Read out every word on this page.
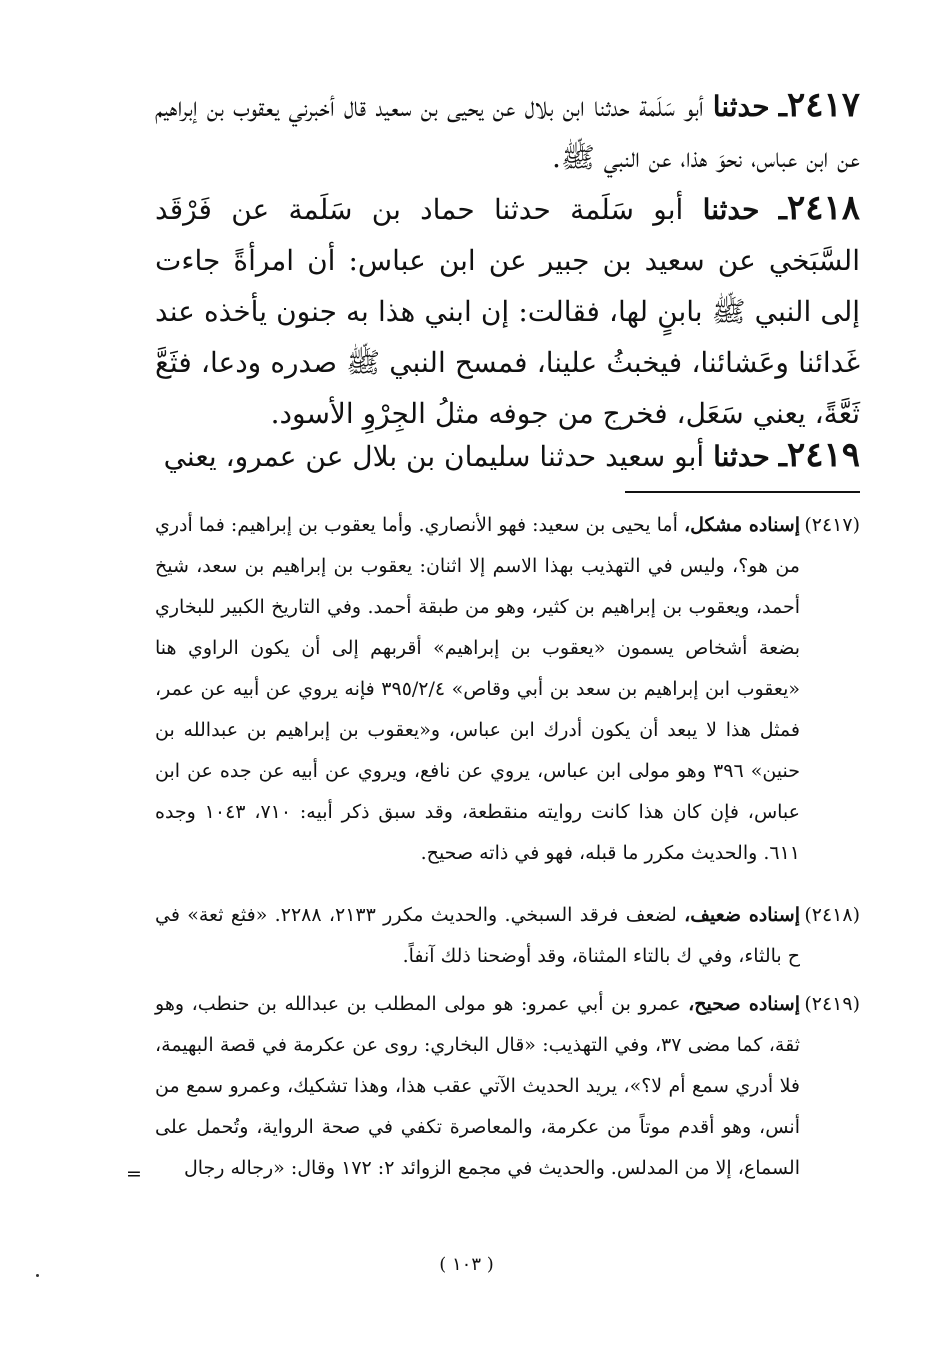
٢٤١٧ـ حدثنا أبو سَلَمة حدثنا ابن بلال عن يحيى بن سعيد قال أخبرني يعقوب بن إبراهيم عن ابن عباس، نحوَ هذا، عن النبي ﷺ.

٢٤١٨ـ حدثنا أبو سَلَمة حدثنا حماد بن سَلَمة عن فَرْقَد السَّبَخي عن سعيد بن جبير عن ابن عباس: أن امرأةً جاءت إلى النبي ﷺ بابنٍ لها، فقالت: إن ابني هذا به جنون يأخذه عند غَدائنا وعَشائنا، فيخبثُ علينا، فمسح النبي ﷺ صدره ودعا، فثَعَّ ثَعَّةً، يعني سَعَل، فخرج من جوفه مثلُ الجِرْوِ الأسود.

٢٤١٩ـ حدثنا أبو سعيد حدثنا سليمان بن بلال عن عمرو، يعني

(٢٤١٧)
إسناده مشكل، أما يحيى بن سعيد: فهو الأنصاري. وأما يعقوب بن إبراهيم: فما أدري من هو؟، وليس في التهذيب بهذا الاسم إلا اثنان: يعقوب بن إبراهيم بن سعد، شيخ أحمد، ويعقوب بن إبراهيم بن كثير، وهو من طبقة أحمد. وفي التاريخ الكبير للبخاري بضعة أشخاص يسمون «يعقوب بن إبراهيم» أقربهم إلى أن يكون الراوي هنا «يعقوب ابن إبراهيم بن سعد بن أبي وقاص» ٣٩٥/٢/٤ فإنه يروي عن أبيه عن عمر، فمثل هذا لا يبعد أن يكون أدرك ابن عباس، و«يعقوب بن إبراهيم بن عبدالله بن حنين» ٣٩٦ وهو مولى ابن عباس، يروي عن نافع، ويروي عن أبيه عن جده عن ابن عباس، فإن كان هذا كانت روايته منقطعة، وقد سبق ذكر أبيه: ٧١٠، ١٠٤٣ وجده ٦١١. والحديث مكرر ما قبله، فهو في ذاته صحيح.
(٢٤١٨)
إسناده ضعيف، لضعف فرقد السبخي. والحديث مكرر ٢١٣٣، ٢٢٨٨. «فثع ثعة» في ح بالثاء، وفي ك بالتاء المثناة، وقد أوضحنا ذلك آنفاً.
(٢٤١٩)
إسناده صحيح، عمرو بن أبي عمرو: هو مولى المطلب بن عبدالله بن حنطب، وهو ثقة، كما مضى ٣٧، وفي التهذيب: «قال البخاري: روى عن عكرمة في قصة البهيمة، فلا أدري سمع أم لا؟»، يريد الحديث الآتي عقب هذا، وهذا تشكيك، وعمرو سمع من أنس، وهو أقدم موتاً من عكرمة، والمعاصرة تكفي في صحة الرواية، وتُحمل على السماع، إلا من المدلس. والحديث في مجمع الزوائد ٢: ١٧٢ وقال: «رجاله رجال
=
( ١٠٣ )
